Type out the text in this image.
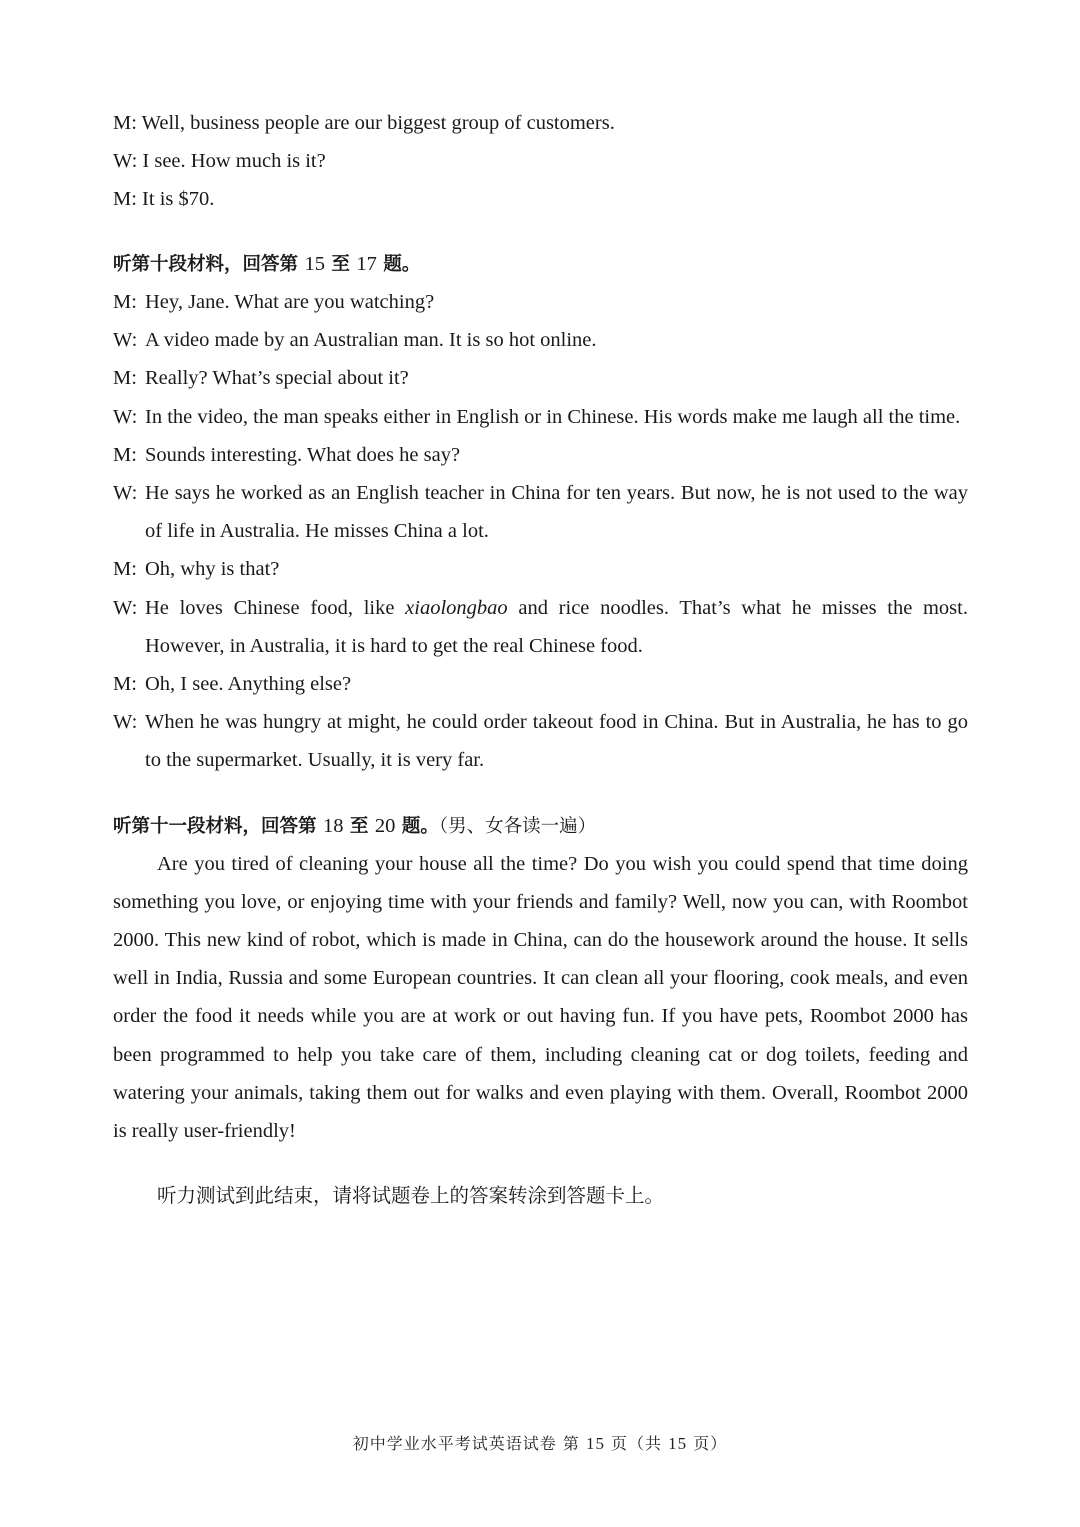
M: Well, business people are our biggest group of customers.
W: I see. How much is it?
M: It is $70.
听第十段材料，回答第 15 至 17 题。
M: Hey, Jane. What are you watching?
W: A video made by an Australian man. It is so hot online.
M: Really? What’s special about it?
W: In the video, the man speaks either in English or in Chinese. His words make me laugh all the time.
M: Sounds interesting. What does he say?
W: He says he worked as an English teacher in China for ten years. But now, he is not used to the way of life in Australia. He misses China a lot.
M: Oh, why is that?
W: He loves Chinese food, like xiaolongbao and rice noodles. That’s what he misses the most. However, in Australia, it is hard to get the real Chinese food.
M: Oh, I see. Anything else?
W: When he was hungry at might, he could order takeout food in China. But in Australia, he has to go to the supermarket. Usually, it is very far.
听第十一段材料，回答第 18 至 20 题。（男、女各读一遍）
Are you tired of cleaning your house all the time? Do you wish you could spend that time doing something you love, or enjoying time with your friends and family? Well, now you can, with Roombot 2000. This new kind of robot, which is made in China, can do the housework around the house. It sells well in India, Russia and some European countries. It can clean all your flooring, cook meals, and even order the food it needs while you are at work or out having fun. If you have pets, Roombot 2000 has been programmed to help you take care of them, including cleaning cat or dog toilets, feeding and watering your animals, taking them out for walks and even playing with them. Overall, Roombot 2000 is really user-friendly!
听力测试到此结束，请将试题卷上的答案转涂到答题卡上。
初中学业水平考试英语试卷 第 15 页（共 15 页）
